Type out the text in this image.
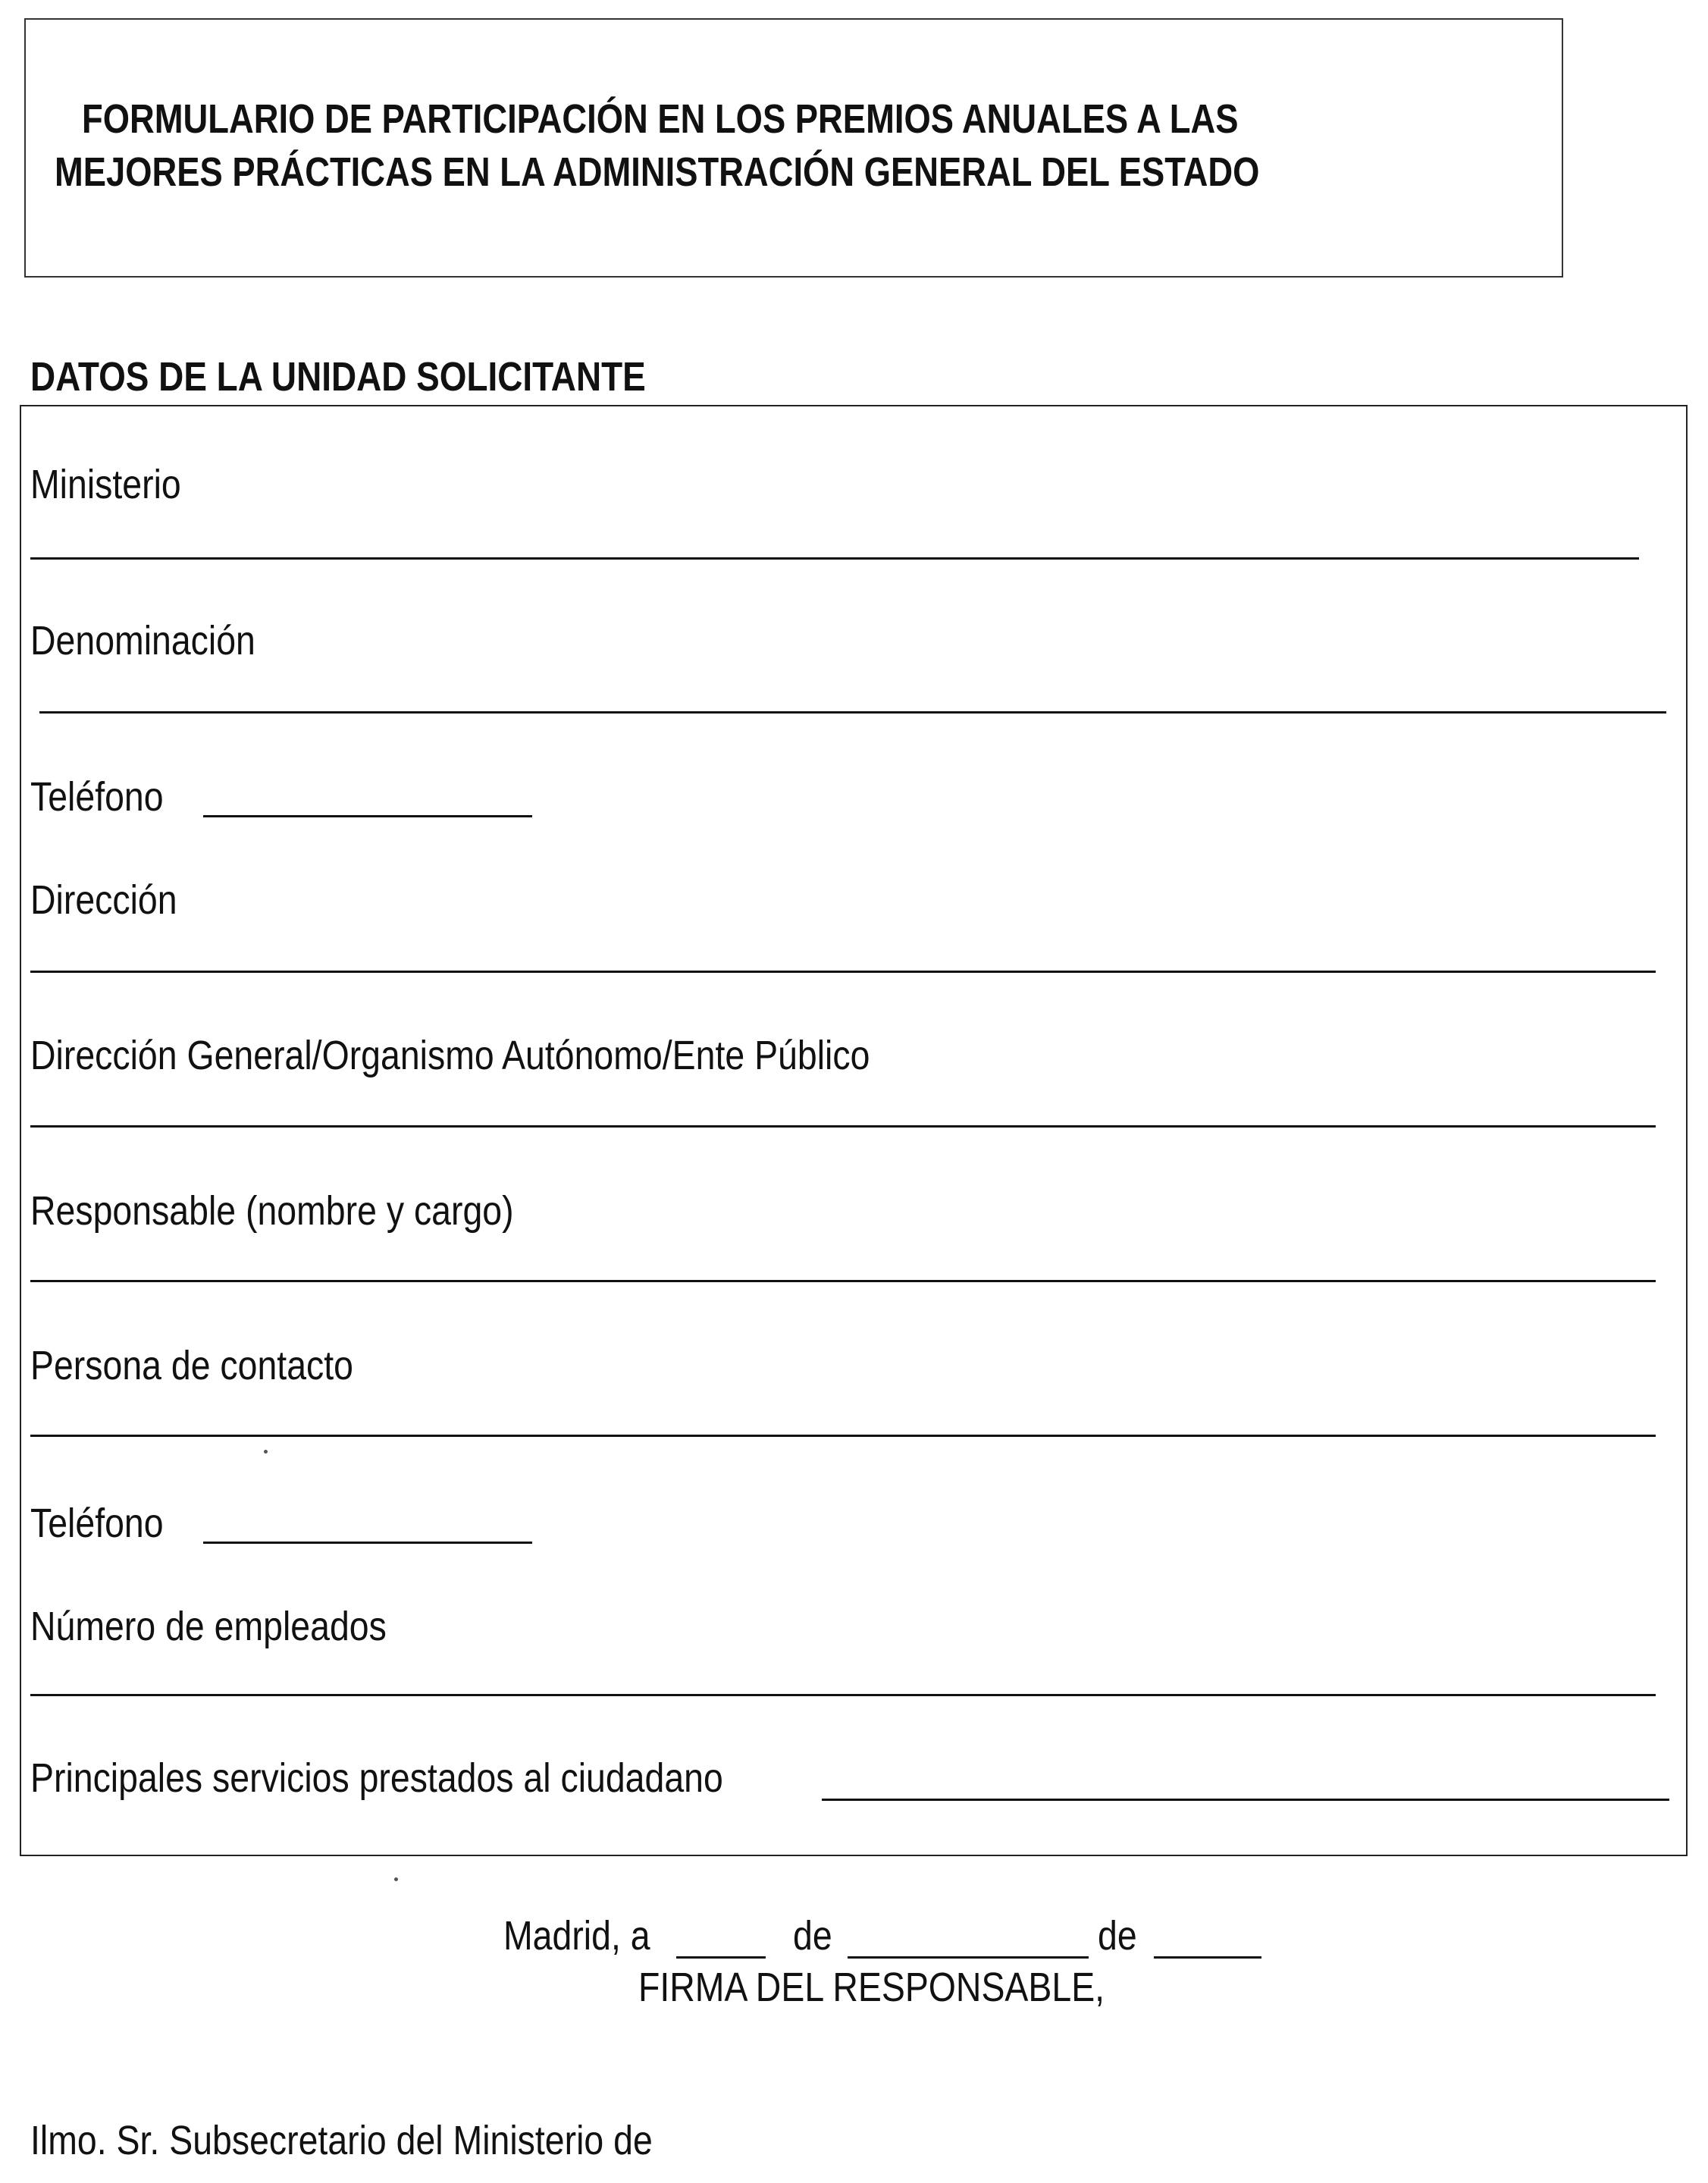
FORMULARIO DE PARTICIPACIÓN EN LOS PREMIOS ANUALES A LAS
MEJORES PRÁCTICAS EN LA ADMINISTRACIÓN GENERAL DEL ESTADO
DATOS DE LA UNIDAD SOLICITANTE
Ministerio
Denominación
Teléfono
Dirección
Dirección General/Organismo Autónomo/Ente Público
Responsable (nombre y cargo)
Persona de contacto
Teléfono
Número de empleados
Principales servicios prestados al ciudadano
Madrid, a	de	de
FIRMA DEL RESPONSABLE,
Ilmo. Sr. Subsecretario del Ministerio de
